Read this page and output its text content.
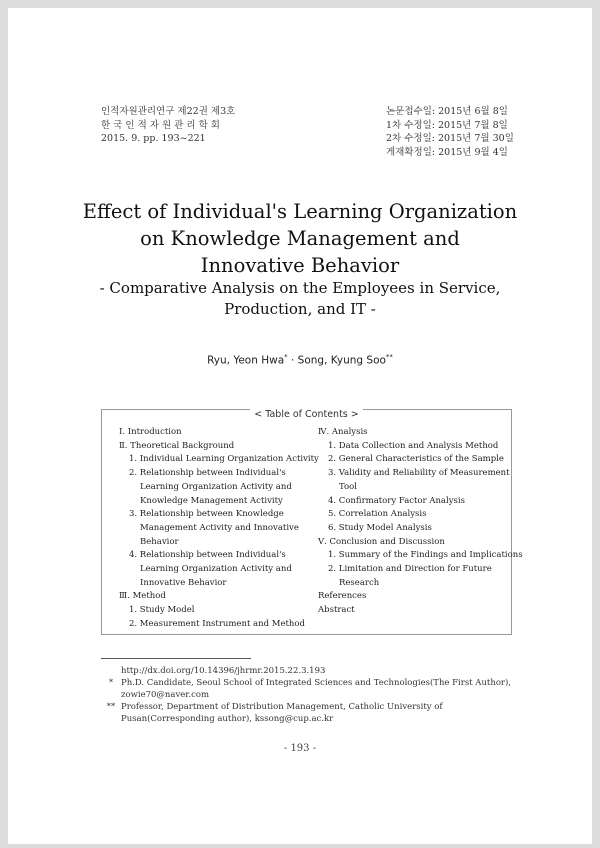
인적자원관리연구 제22권 제3호
한 국 인 적 자 원 관 리 학 회
2015. 9. pp. 193~221
논문접수일: 2015년 6월 8일
1차 수정일: 2015년 7월 8일
2차 수정일: 2015년 7월 30일
게재확정일: 2015년 9월 4일
Effect of Individual's Learning Organization
on Knowledge Management and
Innovative Behavior
- Comparative Analysis on the Employees in Service,
Production, and IT -
Ryu, Yeon Hwa* · Song, Kyung Soo**
< Table of Contents >
Ⅰ. Introduction
Ⅱ. Theoretical Background
1. Individual Learning Organization Activity
2. Relationship between Individual's
Learning Organization Activity and
Knowledge Management Activity
3. Relationship between Knowledge
Management Activity and Innovative
Behavior
4. Relationship between Individual's
Learning Organization Activity and
Innovative Behavior
Ⅲ. Method
1. Study Model
2. Measurement Instrument and Method
Ⅳ. Analysis
1. Data Collection and Analysis Method
2. General Characteristics of the Sample
3. Validity and Reliability of Measurement
Tool
4. Confirmatory Factor Analysis
5. Correlation Analysis
6. Study Model Analysis
Ⅴ. Conclusion and Discussion
1. Summary of the Findings and Implications
2. Limitation and Direction for Future
Research
References
Abstract
http://dx.doi.org/10.14396/jhrmr.2015.22.3.193
* Ph.D. Candidate, Seoul School of Integrated Sciences and Technologies(The First Author), zowie70@naver.com
** Professor, Department of Distribution Management, Catholic University of Pusan(Corresponding author), kssong@cup.ac.kr
- 193 -
